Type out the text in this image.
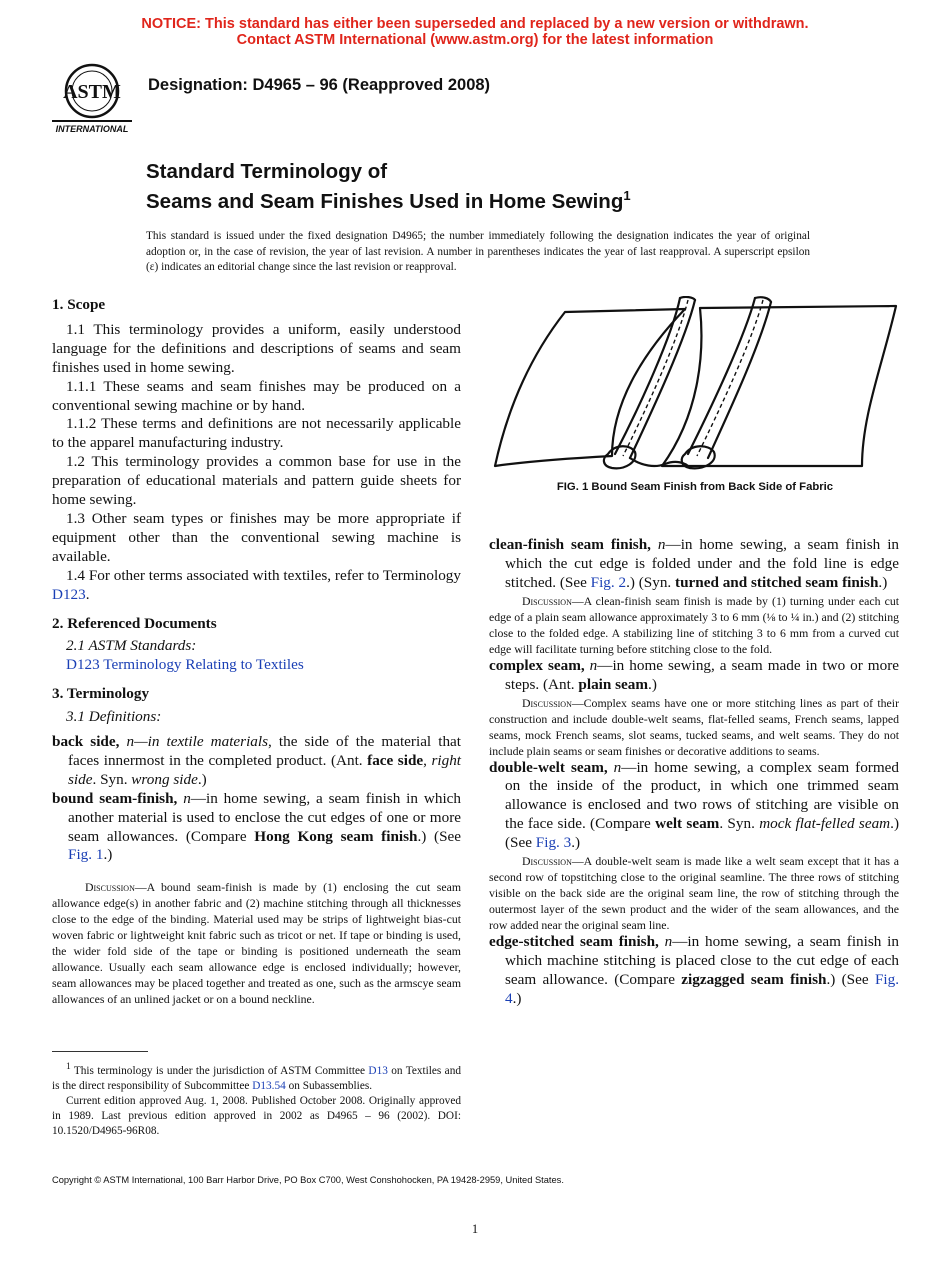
NOTICE: This standard has either been superseded and replaced by a new version or withdrawn.
Contact ASTM International (www.astm.org) for the latest information
ASTM
INTERNATIONAL
Designation: D4965 – 96 (Reapproved 2008)
Standard Terminology of
Seams and Seam Finishes Used in Home Sewing$^1$
This standard is issued under the fixed designation D4965; the number immediately following the designation indicates the year of original adoption or, in the case of revision, the year of last revision. A number in parentheses indicates the year of last reapproval. A superscript epsilon (ε) indicates an editorial change since the last revision or reapproval.

1. Scope

1.1 This terminology provides a uniform, easily understood language for the definitions and descriptions of seams and seam finishes used in home sewing.

1.1.1 These seams and seam finishes may be produced on a conventional sewing machine or by hand.

1.1.2 These terms and definitions are not necessarily applicable to the apparel manufacturing industry.

1.2 This terminology provides a common base for use in the preparation of educational materials and pattern guide sheets for home sewing.

1.3 Other seam types or finishes may be more appropriate if equipment other than the conventional sewing machine is available.

1.4 For other terms associated with textiles, refer to Terminology D123.

2. Referenced Documents

2.1 ASTM Standards:

D123 Terminology Relating to Textiles

3. Terminology

3.1 Definitions:

back side, n—in textile materials, the side of the material that faces innermost in the completed product. (Ant. face side, right side. Syn. wrong side.)

bound seam-finish, n—in home sewing, a seam finish in which another material is used to enclose the cut edges of one or more seam allowances. (Compare Hong Kong seam finish.) (See Fig. 1.)

Discussion—A bound seam-finish is made by (1) enclosing the cut seam allowance edge(s) in another fabric and (2) machine stitching through all thicknesses close to the edge of the binding. Material used may be strips of lightweight bias-cut woven fabric or lightweight knit fabric such as tricot or net. If tape or binding is used, the wider fold side of the tape or binding is positioned underneath the seam allowance. Usually each seam allowance edge is enclosed individually; however, seam allowances may be placed together and treated as one, such as the armscye seam allowances of an unlined jacket or on a bound neckline.

$^1$ This terminology is under the jurisdiction of ASTM Committee D13 on Textiles and is the direct responsibility of Subcommittee D13.54 on Subassemblies.

Current edition approved Aug. 1, 2008. Published October 2008. Originally approved in 1989. Last previous edition approved in 2002 as D4965 – 96 (2002). DOI: 10.1520/D4965-96R08.

FIG. 1 Bound Seam Finish from Back Side of Fabric

clean-finish seam finish, n—in home sewing, a seam finish in which the cut edge is folded under and the fold line is edge stitched. (See Fig. 2.) (Syn. turned and stitched seam finish.)

Discussion—A clean-finish seam finish is made by (1) turning under each cut edge of a plain seam allowance approximately 3 to 6 mm (⅛ to ¼ in.) and (2) stitching close to the folded edge. A stabilizing line of stitching 3 to 6 mm from a curved cut edge will facilitate turning before stitching close to the fold.

complex seam, n—in home sewing, a seam made in two or more steps. (Ant. plain seam.)

Discussion—Complex seams have one or more stitching lines as part of their construction and include double-welt seams, flat-felled seams, French seams, lapped seams, mock French seams, slot seams, tucked seams, and welt seams. They do not include plain seams or seam finishes or decorative additions to seams.

double-welt seam, n—in home sewing, a complex seam formed on the inside of the product, in which one trimmed seam allowance is enclosed and two rows of stitching are visible on the face side. (Compare welt seam. Syn. mock flat-felled seam.) (See Fig. 3.)

Discussion—A double-welt seam is made like a welt seam except that it has a second row of topstitching close to the original seamline. The three rows of stitching visible on the back side are the original seam line, the row of stitching through the outermost layer of the sewn product and the wider of the seam allowances, and the row added near the original seam line.

edge-stitched seam finish, n—in home sewing, a seam finish in which machine stitching is placed close to the cut edge of each seam allowance. (Compare zigzagged seam finish.) (See Fig. 4.)

Copyright © ASTM International, 100 Barr Harbor Drive, PO Box C700, West Conshohocken, PA 19428-2959, United States.
1
